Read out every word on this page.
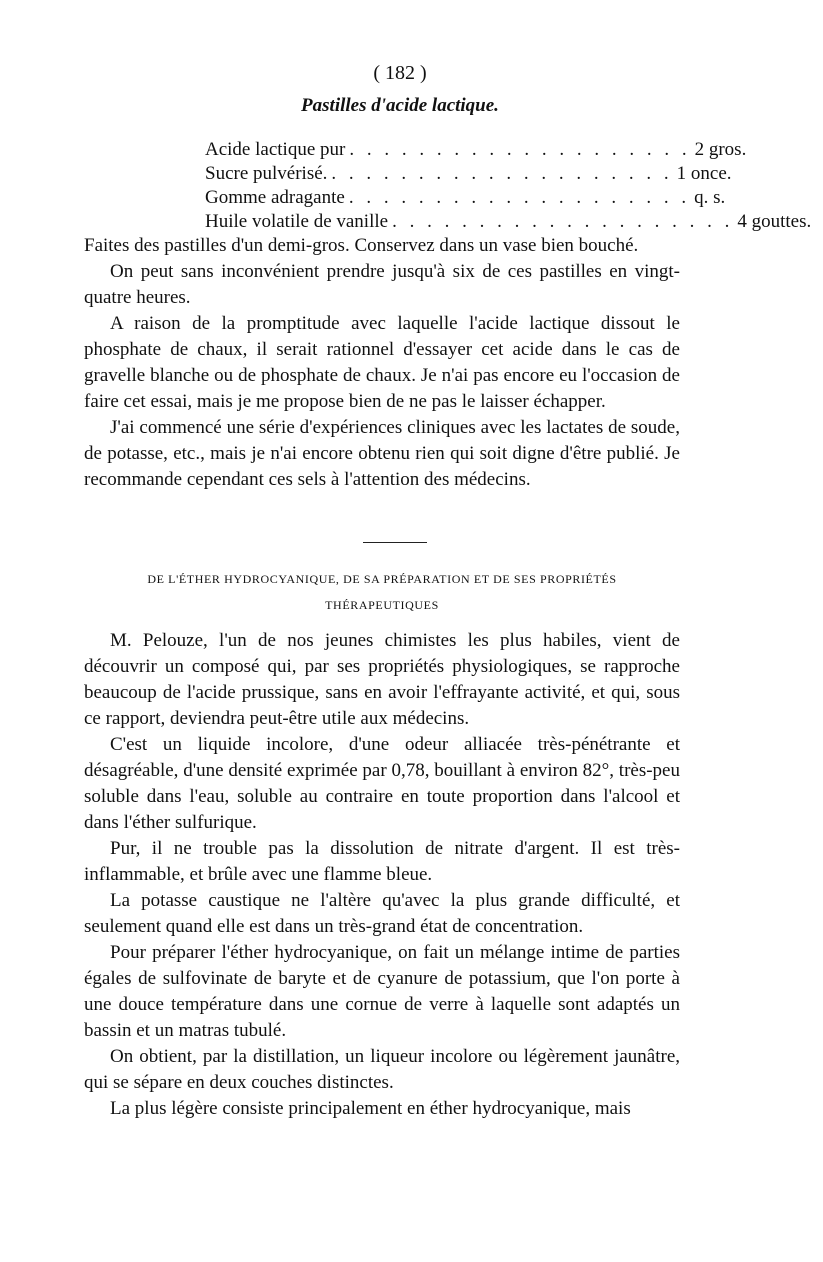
( 182 )
Pastilles d'acide lactique.
Acide lactique pur . . . . . . . . . . . . . . . . . . . . 2 gros.
Sucre pulvérisé. . . . . . . . . . . . . . . . . . . . . 1 once.
Gomme adragante . . . . . . . . . . . . . . . . . . . . q. s.
Huile volatile de vanille . . . . . . . . . . . . . . . . . . . . 4 gouttes.

Faites des pastilles d'un demi-gros. Conservez dans un vase bien bouché.

On peut sans inconvénient prendre jusqu'à six de ces pastilles en vingt-quatre heures.

A raison de la promptitude avec laquelle l'acide lactique dissout le phosphate de chaux, il serait rationnel d'essayer cet acide dans le cas de gravelle blanche ou de phosphate de chaux. Je n'ai pas encore eu l'occasion de faire cet essai, mais je me propose bien de ne pas le laisser échapper.

J'ai commencé une série d'expériences cliniques avec les lactates de soude, de potasse, etc., mais je n'ai encore obtenu rien qui soit digne d'être publié. Je recommande cependant ces sels à l'attention des médecins.

DE L'ÉTHER HYDROCYANIQUE, DE SA PRÉPARATION ET DE SES PROPRIÉTÉS
THÉRAPEUTIQUES

M. Pelouze, l'un de nos jeunes chimistes les plus habiles, vient de découvrir un composé qui, par ses propriétés physiologiques, se rapproche beaucoup de l'acide prussique, sans en avoir l'effrayante activité, et qui, sous ce rapport, deviendra peut-être utile aux médecins.

C'est un liquide incolore, d'une odeur alliacée très-pénétrante et désagréable, d'une densité exprimée par 0,78, bouillant à environ 82°, très-peu soluble dans l'eau, soluble au contraire en toute proportion dans l'alcool et dans l'éther sulfurique.

Pur, il ne trouble pas la dissolution de nitrate d'argent. Il est très-inflammable, et brûle avec une flamme bleue.

La potasse caustique ne l'altère qu'avec la plus grande difficulté, et seulement quand elle est dans un très-grand état de concentration.

Pour préparer l'éther hydrocyanique, on fait un mélange intime de parties égales de sulfovinate de baryte et de cyanure de potassium, que l'on porte à une douce température dans une cornue de verre à laquelle sont adaptés un bassin et un matras tubulé.

On obtient, par la distillation, un liqueur incolore ou légèrement jaunâtre, qui se sépare en deux couches distinctes.

La plus légère consiste principalement en éther hydrocyanique, mais
